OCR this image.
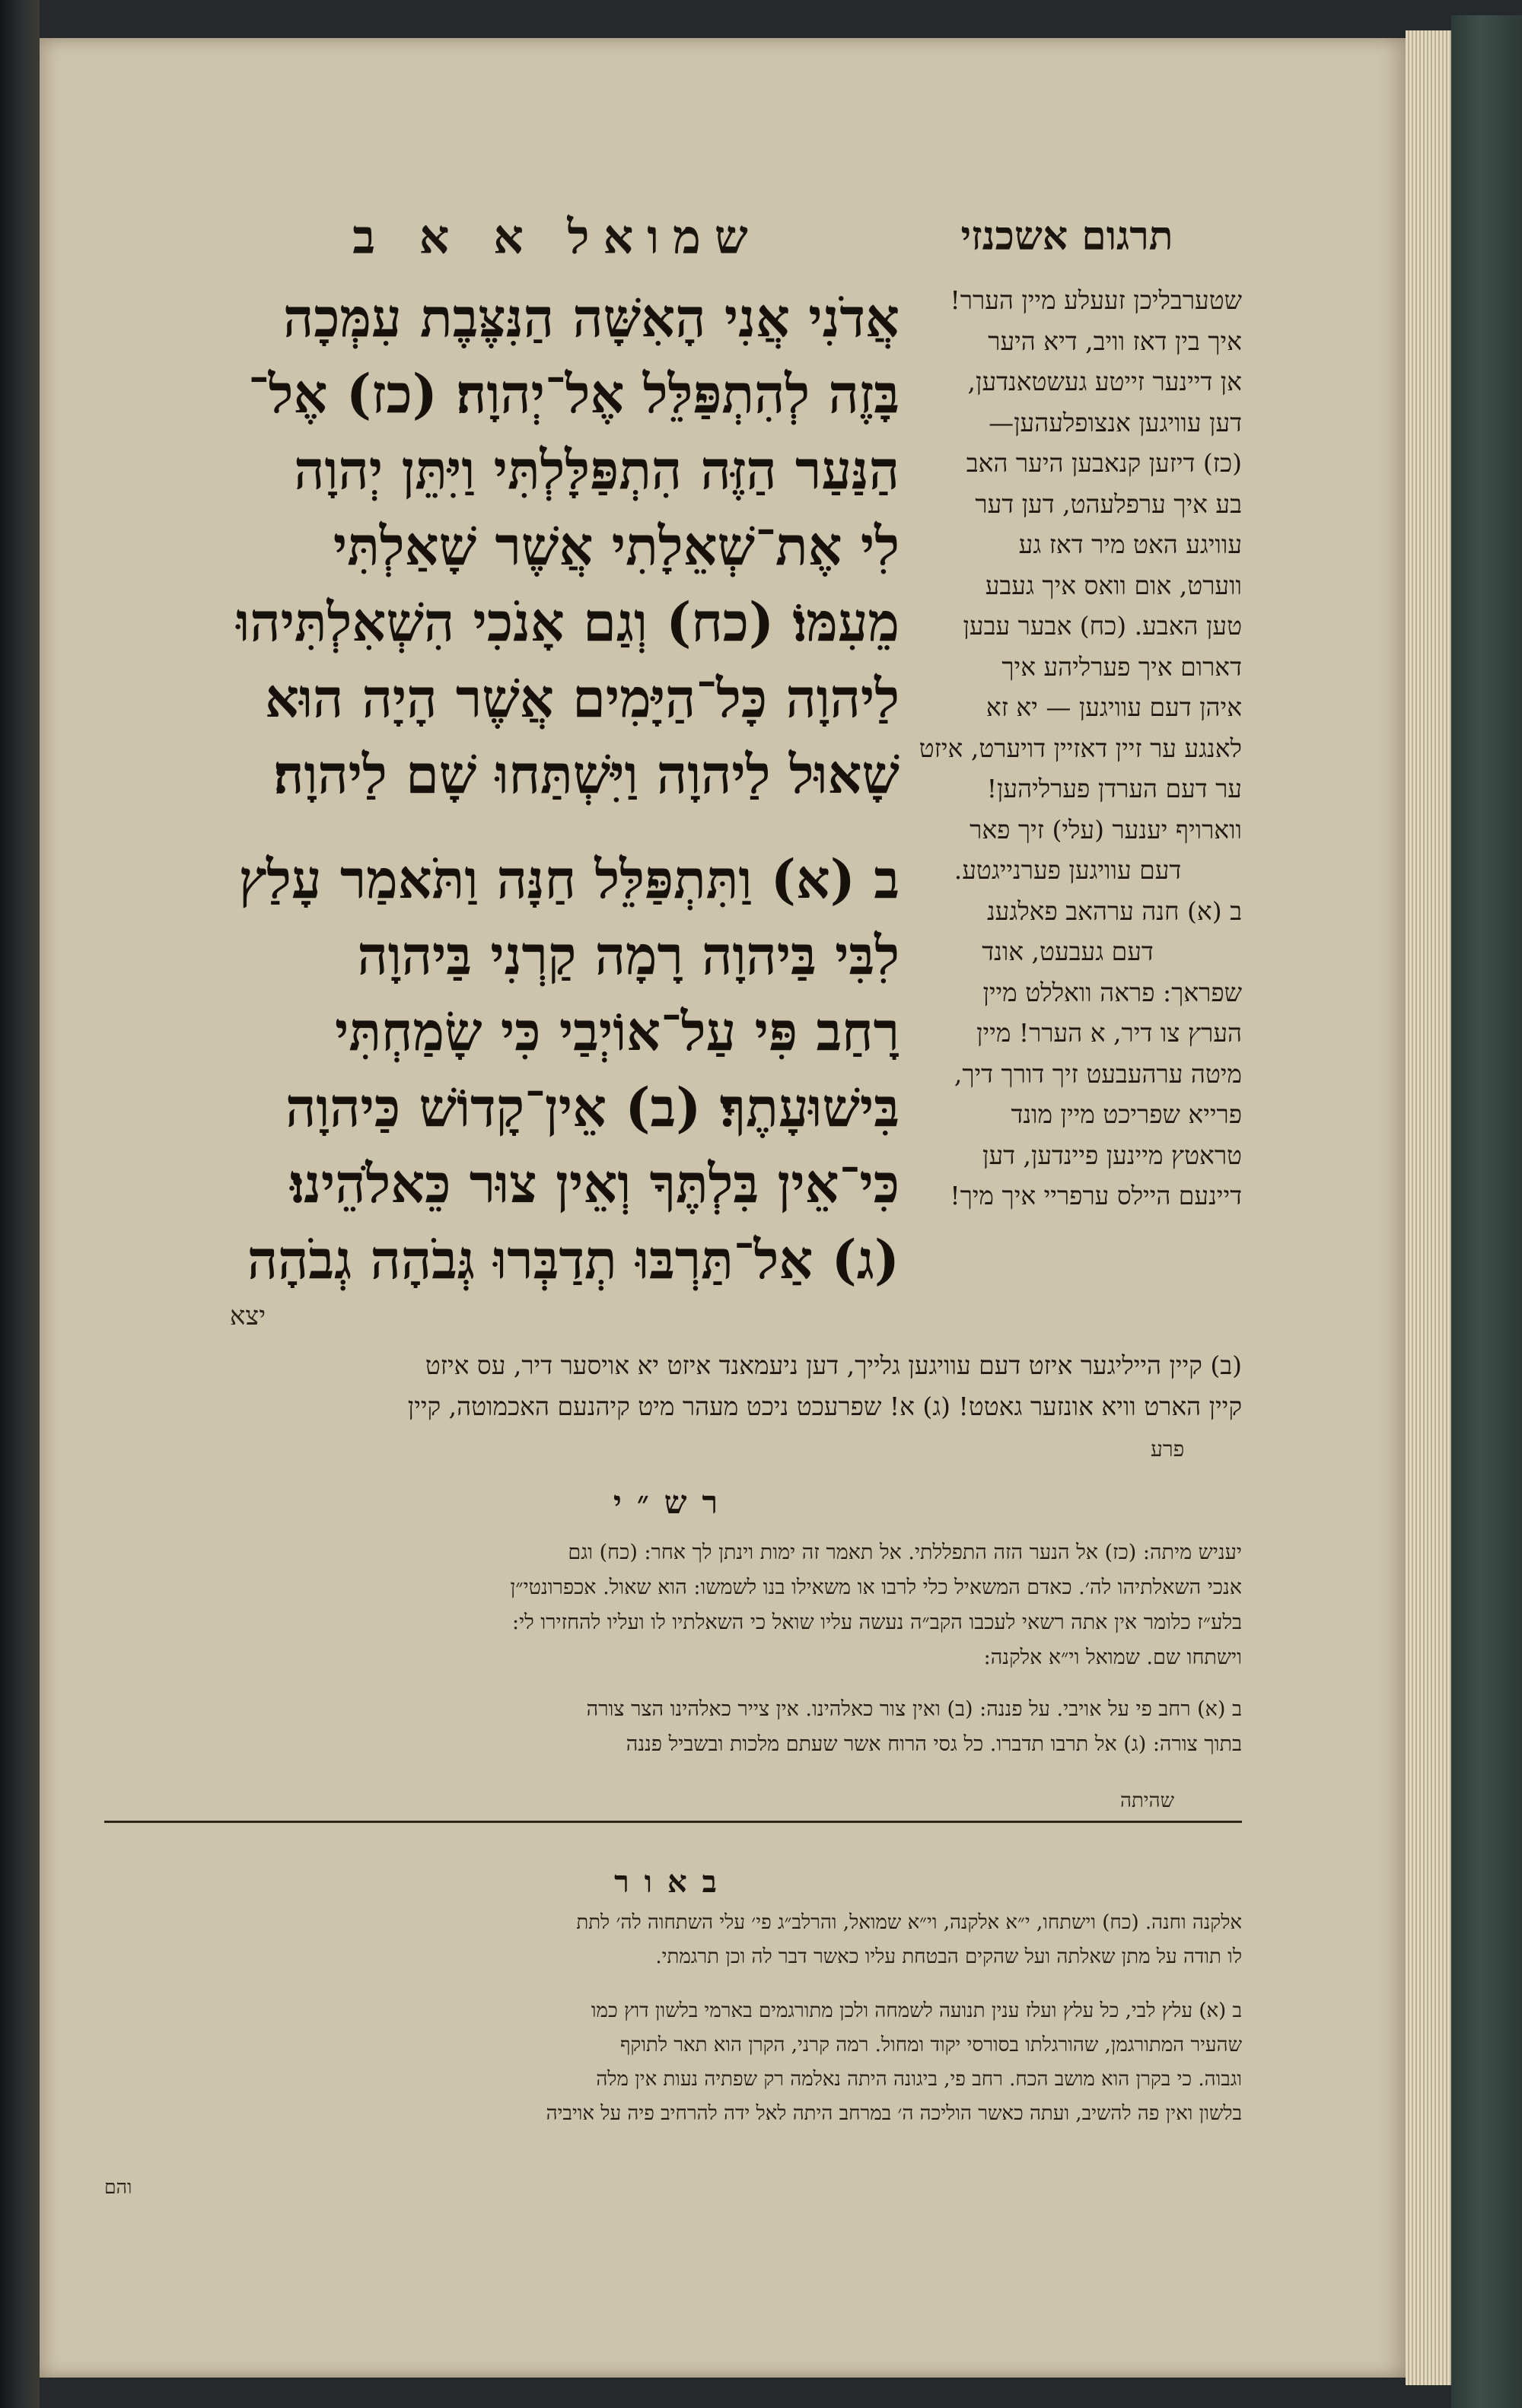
שמואל א א ב	תרגום אשכנזי
אֲדֹנִי אֲנִי הָאִשָּׁה הַנִּצֶּבֶת עִמְּכָה
בָּזֶה לְהִתְפַּלֵּל אֶל־יְהוָה׃ (כז) אֶל־
הַנַּעַר הַזֶּה הִתְפַּלָּלְתִּי וַיִּתֵּן יְהוָה
לִי אֶת־שְׁאֵלָתִי אֲשֶׁר שָׁאַלְתִּי
מֵעִמּוֹ׃ (כח) וְגַם אָנֹכִי הִשְׁאִלְתִּיהוּ
לַיהוָה כָּל־הַיָּמִים אֲשֶׁר הָיָה הוּא
שָׁאוּל לַיהוָה וַיִּשְׁתַּחוּ שָׁם לַיהוָה׃
ב (א) וַתִּתְפַּלֵּל חַנָּה וַתֹּאמַר עָלַץ
לִבִּי בַּיהוָה רָמָה קַרְנִי בַּיהוָה
רָחַב פִּי עַל־אוֹיְבַי כִּי שָׂמַחְתִּי
בִּישׁוּעָתֶךָ׃ (ב) אֵין־קָדוֹשׁ כַּיהוָה
כִּי־אֵין בִּלְתֶּךָ וְאֵין צוּר כֵּאלֹהֵינוּ׃
(ג) אַל־תַּרְבּוּ תְדַבְּרוּ גְּבֹהָה גְבֹהָה
יצא
שטערבליכן זעעלע מיין הערר!
איך בין דאז וויב, דיא היער
אן דיינער זייטע געשטאנדען,
דען עוויגען אנצופלעהען—
(כז) דיזען קנאבען היער האב
בע איך ערפלעהט, דען דער
עוויגע האט מיר דאז גע
ווערט, אום וואס איך געבע
טען האבע. (כח) אבער עבען
דארום איך פערליהע איך
איהן דעם עוויגען — יא זא
לאנגע ער זיין דאזיין דויערט, איזט
ער דעם הערדן פערליהען!
ווארויף יענער (עלי) זיך פאר
דעם עוויגען פערנייגטע.
ב (א) חנה ערהאב פאלגענ
דעם געבעט, אונד
שפראך: פראה וואללט מיין
הערץ צו דיר, א הערר! מיין
מיטה ערהעבעט זיך דורך דיך,
פרייא שפריכט מיין מונד
טראטץ מיינען פיינדען, דען
דיינעם היילס ערפריי איך מיך!
(ב) קיין הייליגער איזט דעם עוויגען גלייך, דען ניעמאנד איזט יא אויסער דיר, עס איזט
קיין הארט וויא אונזער גאטט! (ג) א! שפרעכט ניכט מעהר מיט קיהנעם האכמוטה, קיין
פרע
רש״י
יעניש מיתה: (כז) אל הנער הזה התפללתי. אל תאמר זה ימות וינתן לך אחר: (כח) וגם
אנכי השאלתיהו לה׳. כאדם המשאיל כלי לרבו או משאילו בנו לשמשו: הוא שאול. אכפרונטי״ן
בלע״ז כלומר אין אתה רשאי לעכבו הקב״ה נעשה עליו שואל כי השאלתיו לו ועליו להחזירו לי:
וישתחו שם. שמואל וי״א אלקנה:
ב (א) רחב פי על אויבי. על פננה: (ב) ואין צור כאלהינו. אין צייר כאלהינו הצר צורה
בתוך צורה: (ג) אל תרבו תדברו. כל גסי הרוח אשר שעתם מלכות ובשביל פננה
שהיתה
באור
אלקנה וחנה. (כח) וישתחו, י״א אלקנה, וי״א שמואל, והרלב״ג פי׳ עלי השתחוה לה׳ לתת
לו תודה על מתן שאלתה ועל שהקים הבטחת עליו כאשר דבר לה וכן תרגמתי.
ב (א) עלץ לבי, כל עלץ ועלז ענין תנועה לשמחה ולכן מתורגמים בארמי בלשון דוץ כמו
שהעיר המתורגמן, שהורגלתו בסורסי יקוד ומחול. רמה קרני, הקרן הוא תאר לתוקף
וגבוה. כי בקרן הוא מושב הכח. רחב פי, ביגונה היתה נאלמה רק שפתיה נעות אין מלה
בלשון ואין פה להשיב, ועתה כאשר הוליכה ה׳ במרחב היתה לאל ידה להרחיב פיה על אויביה
והם
